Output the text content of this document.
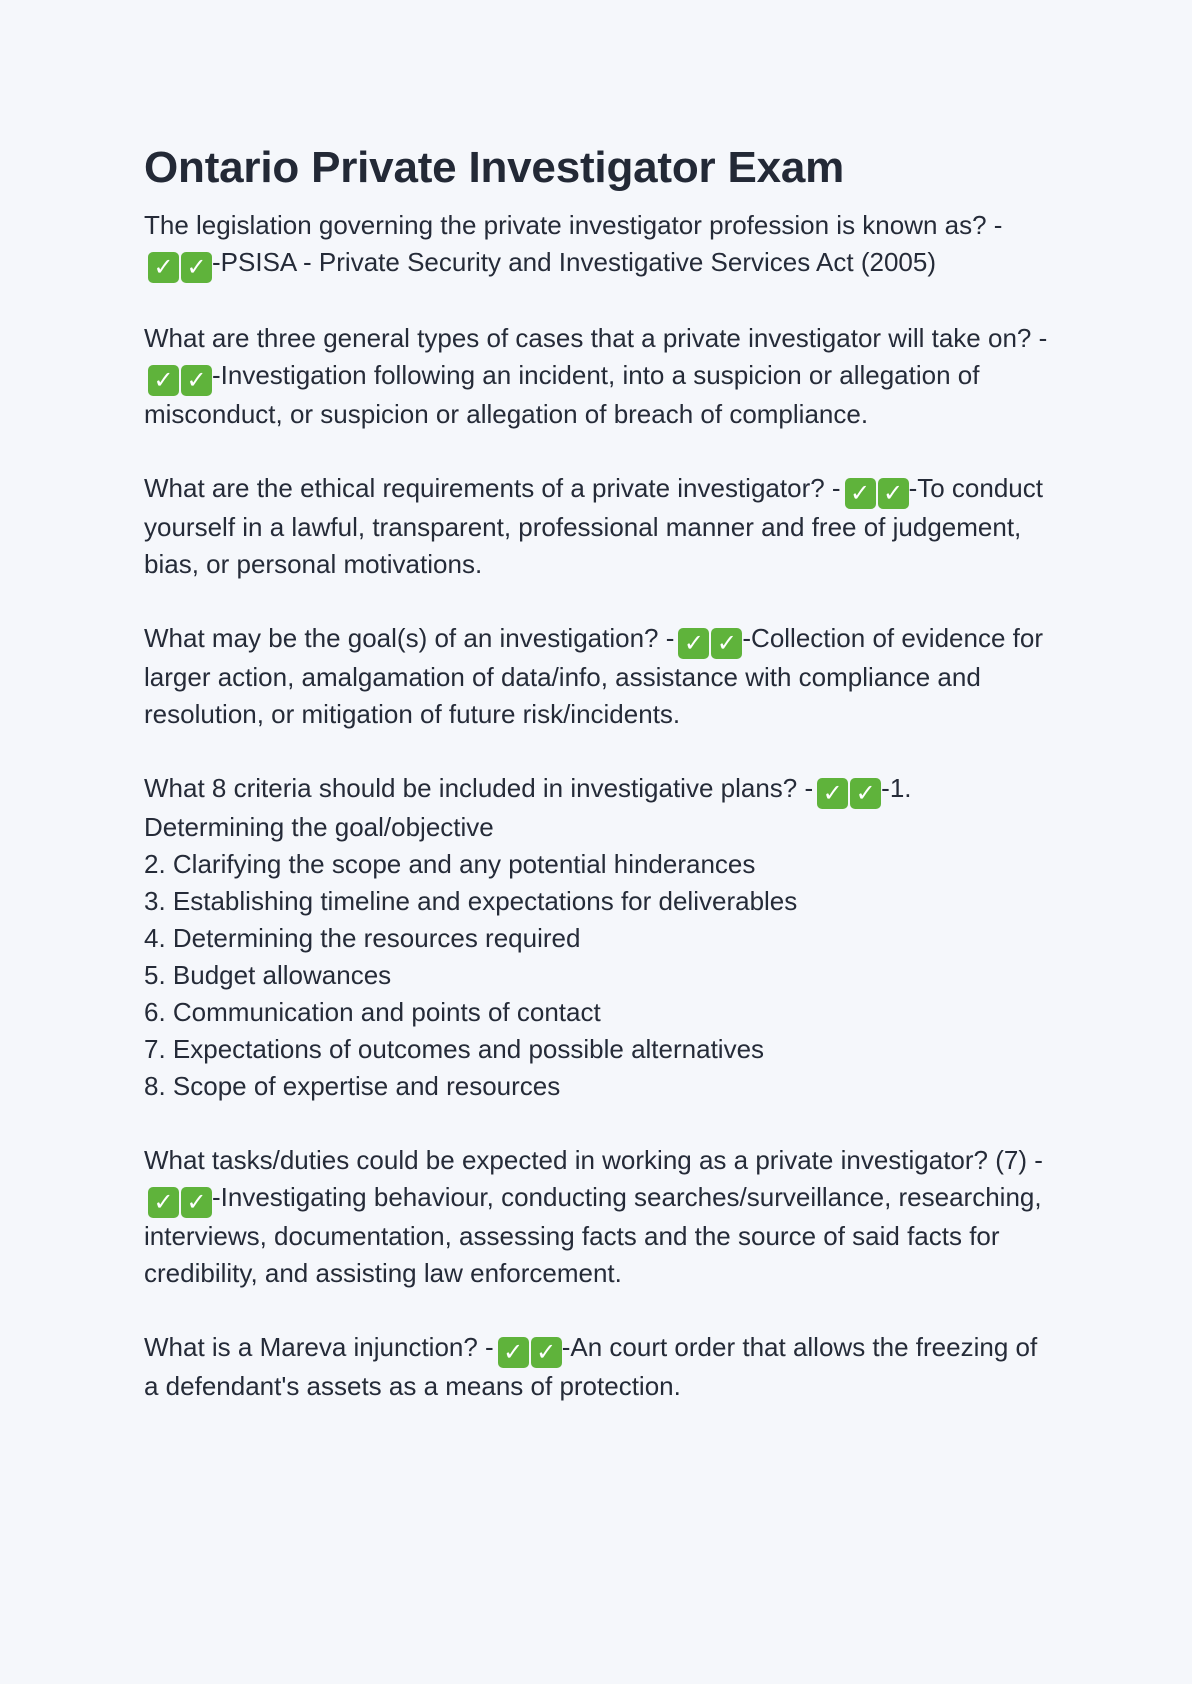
Ontario Private Investigator Exam

The legislation governing the private investigator profession is known as? -
✓ ✓ -PSISA - Private Security and Investigative Services Act (2005)

What are three general types of cases that a private investigator will take on? -
✓ ✓ -Investigation following an incident, into a suspicion or allegation of misconduct, or suspicion or allegation of breach of compliance.

What are the ethical requirements of a private investigator? - ✓ ✓ -To conduct yourself in a lawful, transparent, professional manner and free of judgement, bias, or personal motivations.

What may be the goal(s) of an investigation? - ✓ ✓ -Collection of evidence for larger action, amalgamation of data/info, assistance with compliance and resolution, or mitigation of future risk/incidents.

What 8 criteria should be included in investigative plans? - ✓ ✓ -1. Determining the goal/objective
2. Clarifying the scope and any potential hinderances
3. Establishing timeline and expectations for deliverables
4. Determining the resources required
5. Budget allowances
6. Communication and points of contact
7. Expectations of outcomes and possible alternatives
8. Scope of expertise and resources

What tasks/duties could be expected in working as a private investigator? (7) -
✓ ✓ -Investigating behaviour, conducting searches/surveillance, researching, interviews, documentation, assessing facts and the source of said facts for credibility, and assisting law enforcement.

What is a Mareva injunction? - ✓ ✓ -An court order that allows the freezing of a defendant's assets as a means of protection.
